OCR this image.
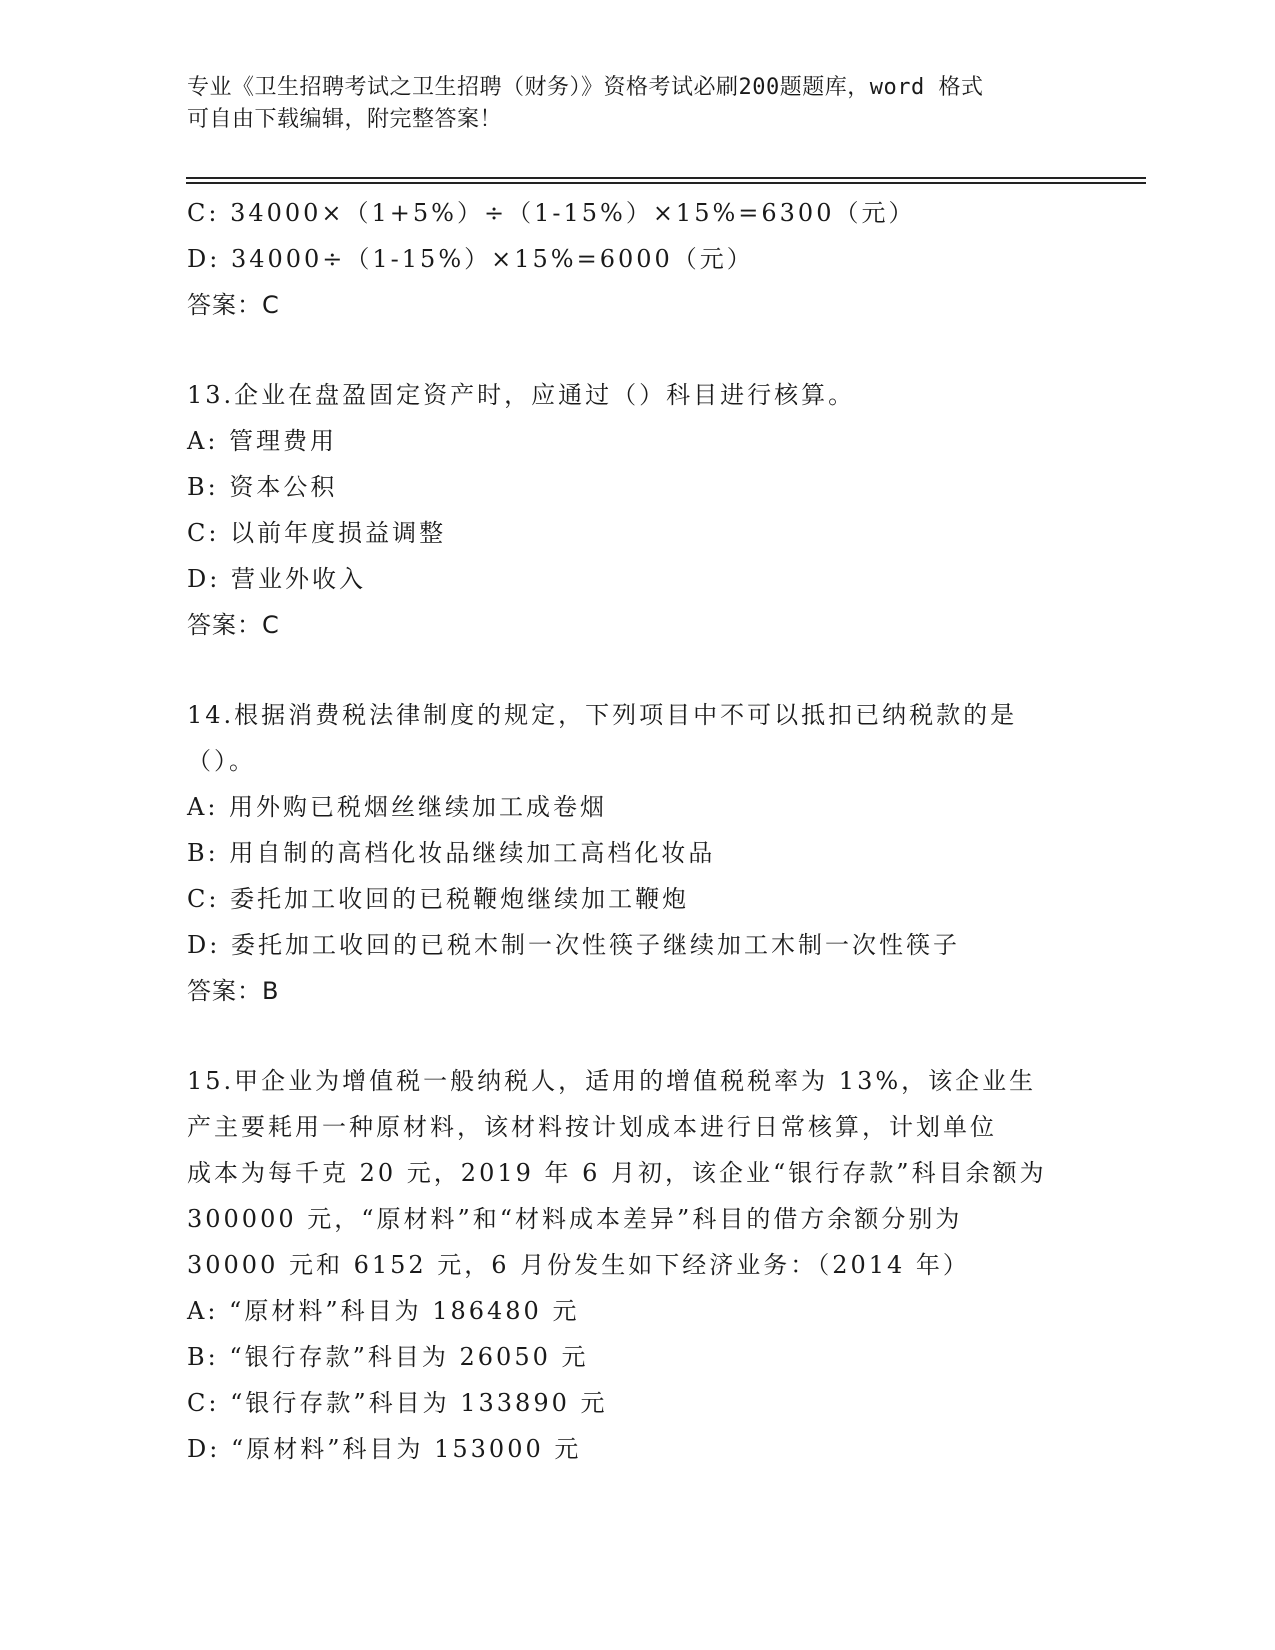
专业《卫生招聘考试之卫生招聘（财务）》资格考试必刷200题题库，word 格式
可自由下载编辑，附完整答案！
C: 34000×（1+5%）÷（1-15%）×15%=6300（元）
D: 34000÷（1-15%）×15%=6000（元）
答案：C
13.企业在盘盈固定资产时，应通过（）科目进行核算。
A: 管理费用
B: 资本公积
C: 以前年度损益调整
D: 营业外收入
答案：C
14.根据消费税法律制度的规定，下列项目中不可以抵扣已纳税款的是
（）。
A: 用外购已税烟丝继续加工成卷烟
B: 用自制的高档化妆品继续加工高档化妆品
C: 委托加工收回的已税鞭炮继续加工鞭炮
D: 委托加工收回的已税木制一次性筷子继续加工木制一次性筷子
答案：B
15.甲企业为增值税一般纳税人，适用的增值税税率为 13%，该企业生
产主要耗用一种原材料，该材料按计划成本进行日常核算，计划单位
成本为每千克 20 元，2019 年 6 月初，该企业“银行存款”科目余额为
300000 元，“原材料”和“材料成本差异”科目的借方余额分别为
30000 元和 6152 元，6 月份发生如下经济业务：（2014 年）
A: “原材料”科目为 186480 元
B: “银行存款”科目为 26050 元
C: “银行存款”科目为 133890 元
D: “原材料”科目为 153000 元
